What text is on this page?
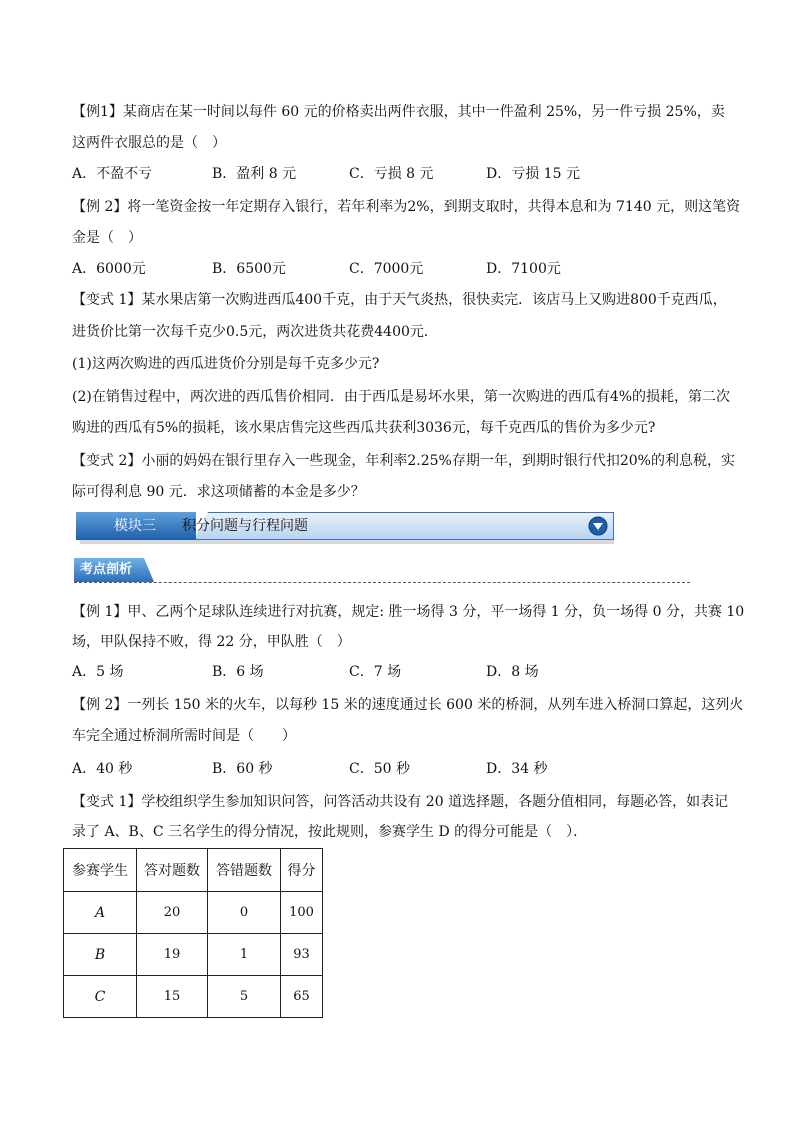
【例1】某商店在某一时间以每件 60 元的价格卖出两件衣服，其中一件盈利 25%，另一件亏损 25%，卖
这两件衣服总的是（　）
A．不盈不亏	B．盈利 8 元	C．亏损 8 元	D．亏损 15 元
【例 2】将一笔资金按一年定期存入银行，若年利率为2%，到期支取时，共得本息和为 7140 元，则这笔资
金是（　）
A．6000元	B．6500元	C．7000元	D．7100元
【变式 1】某水果店第一次购进西瓜400千克，由于天气炎热，很快卖完．该店马上又购进800千克西瓜，
进货价比第一次每千克少0.5元，两次进货共花费4400元．
(1)这两次购进的西瓜进货价分别是每千克多少元?
(2)在销售过程中，两次进的西瓜售价相同．由于西瓜是易坏水果，第一次购进的西瓜有4%的损耗，第二次
购进的西瓜有5%的损耗，该水果店售完这些西瓜共获利3036元，每千克西瓜的售价为多少元?
【变式 2】小丽的妈妈在银行里存入一些现金，年利率2.25%存期一年，到期时银行代扣20%的利息税，实
际可得利息 90 元．求这项储蓄的本金是多少？
模块三	积分问题与行程问题
考点剖析
【例 1】甲、乙两个足球队连续进行对抗赛，规定: 胜一场得 3 分，平一场得 1 分，负一场得 0 分，共赛 10
场，甲队保持不败，得 22 分，甲队胜（　）
A．5 场	B．6 场	C．7 场	D．8 场
【例 2】一列长 150 米的火车，以每秒 15 米的速度通过长 600 米的桥洞，从列车进入桥洞口算起，这列火
车完全通过桥洞所需时间是（　　）
A．40 秒	B．60 秒	C．50 秒	D．34 秒
【变式 1】学校组织学生参加知识问答，问答活动共设有 20 道选择题，各题分值相同，每题必答，如表记
录了 A、B、C 三名学生的得分情况，按此规则，参赛学生 D 的得分可能是（　）．
参赛学生	答对题数	答错题数	得分
A	20	0	100
B	19	1	93
C	15	5	65
